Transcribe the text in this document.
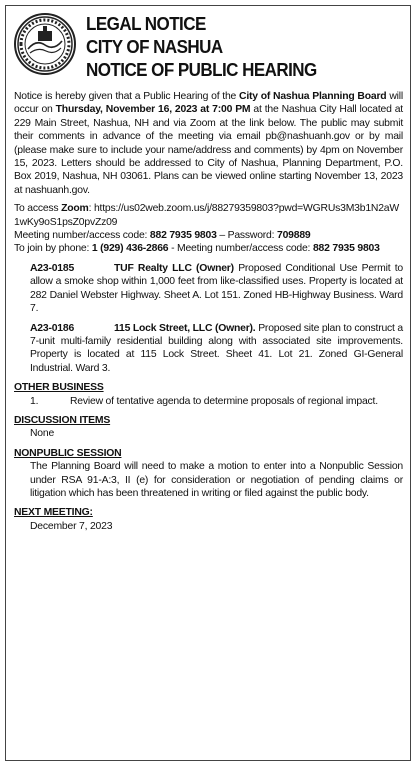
LEGAL NOTICE
CITY OF NASHUA
NOTICE OF PUBLIC HEARING

Notice is hereby given that a Public Hearing of the City of Nashua Planning Board will occur on Thursday, November 16, 2023 at 7:00 PM at the Nashua City Hall located at 229 Main Street, Nashua, NH and via Zoom at the link below. The public may submit their comments in advance of the meeting via email pb@nashuanh.gov or by mail (please make sure to include your name/address and comments) by 4pm on November 15, 2023. Letters should be addressed to City of Nashua, Planning Department, P.O. Box 2019, Nashua, NH 03061. Plans can be viewed online starting November 13, 2023 at nashuanh.gov.

To access Zoom: https://us02web.zoom.us/j/88279359803?pwd=WGRUs3M3b1N2aW1wKy9oS1psZ0pvZz09
Meeting number/access code: 882 7935 9803 – Password: 709889
To join by phone: 1 (929) 436-2866 - Meeting number/access code: 882 7935 9803
A23-0185	TUF Realty LLC (Owner) Proposed Conditional Use Permit to allow a smoke shop within 1,000 feet from like-classified uses. Property is located at 282 Daniel Webster Highway. Sheet A. Lot 151. Zoned HB-Highway Business. Ward 7.
A23-0186	115 Lock Street, LLC (Owner). Proposed site plan to construct a 7-unit multi-family residential building along with associated site improvements. Property is located at 115 Lock Street. Sheet 41. Lot 21. Zoned GI-General Industrial. Ward 3.
OTHER BUSINESS
1.	Review of tentative agenda to determine proposals of regional impact.
DISCUSSION ITEMS
None
NONPUBLIC SESSION
The Planning Board will need to make a motion to enter into a Nonpublic Session under RSA 91-A:3, II (e) for consideration or negotiation of pending claims or litigation which has been threatened in writing or filed against the public body.
NEXT MEETING:
December 7, 2023
